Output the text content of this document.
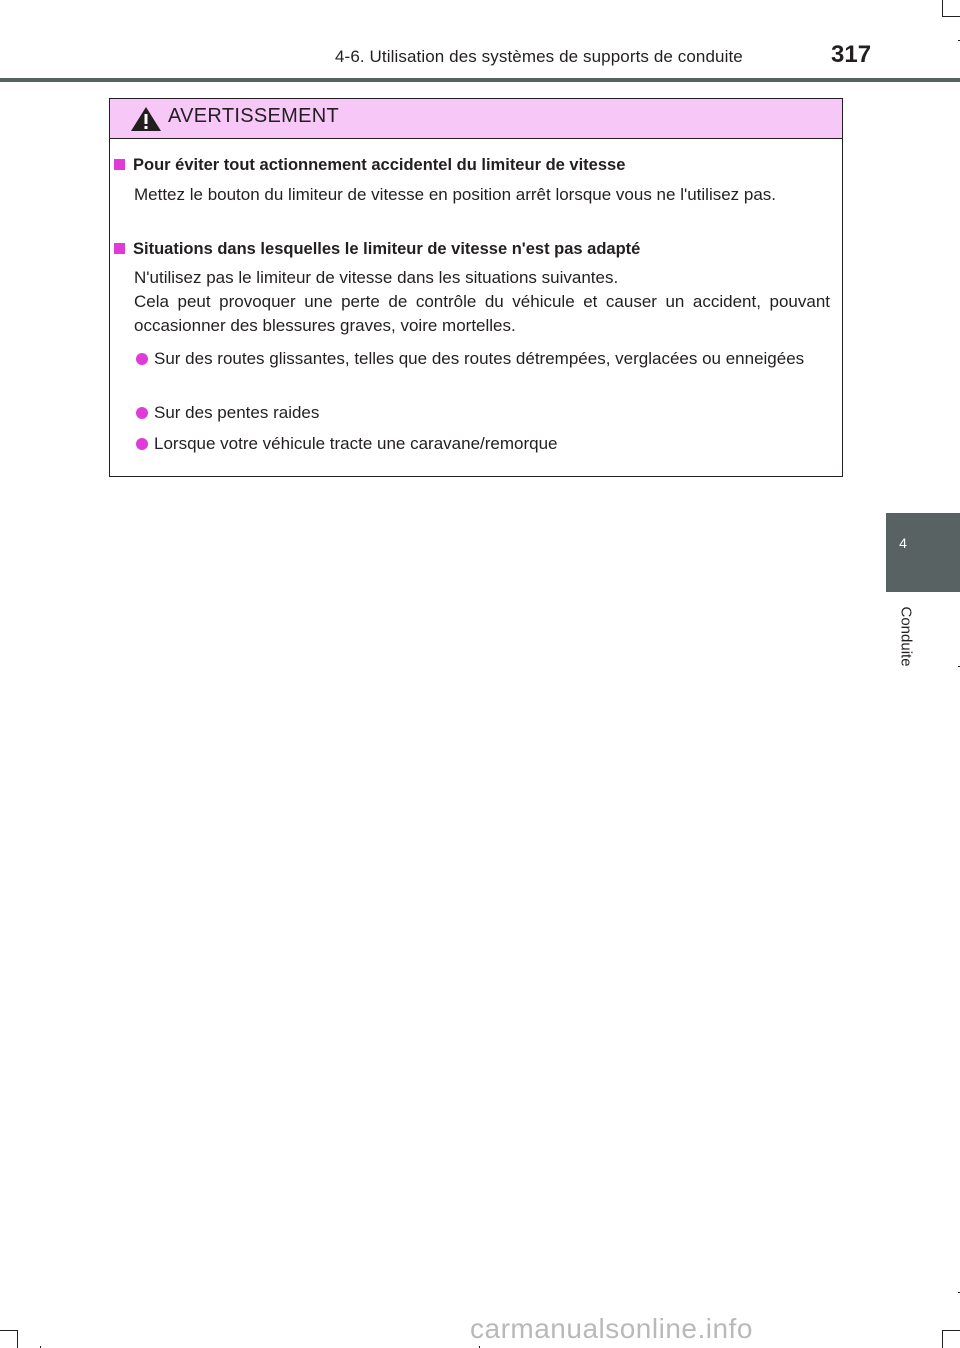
4-6. Utilisation des systèmes de supports de conduite	317
AVERTISSEMENT
Pour éviter tout actionnement accidentel du limiteur de vitesse
Mettez le bouton du limiteur de vitesse en position arrêt lorsque vous ne l'utilisez pas.
Situations dans lesquelles le limiteur de vitesse n'est pas adapté
N'utilisez pas le limiteur de vitesse dans les situations suivantes.
Cela peut provoquer une perte de contrôle du véhicule et causer un accident, pouvant occasionner des blessures graves, voire mortelles.
Sur des routes glissantes, telles que des routes détrempées, verglacées ou enneigées
Sur des pentes raides
Lorsque votre véhicule tracte une caravane/remorque
4
Conduite
carmanualsonline.info
